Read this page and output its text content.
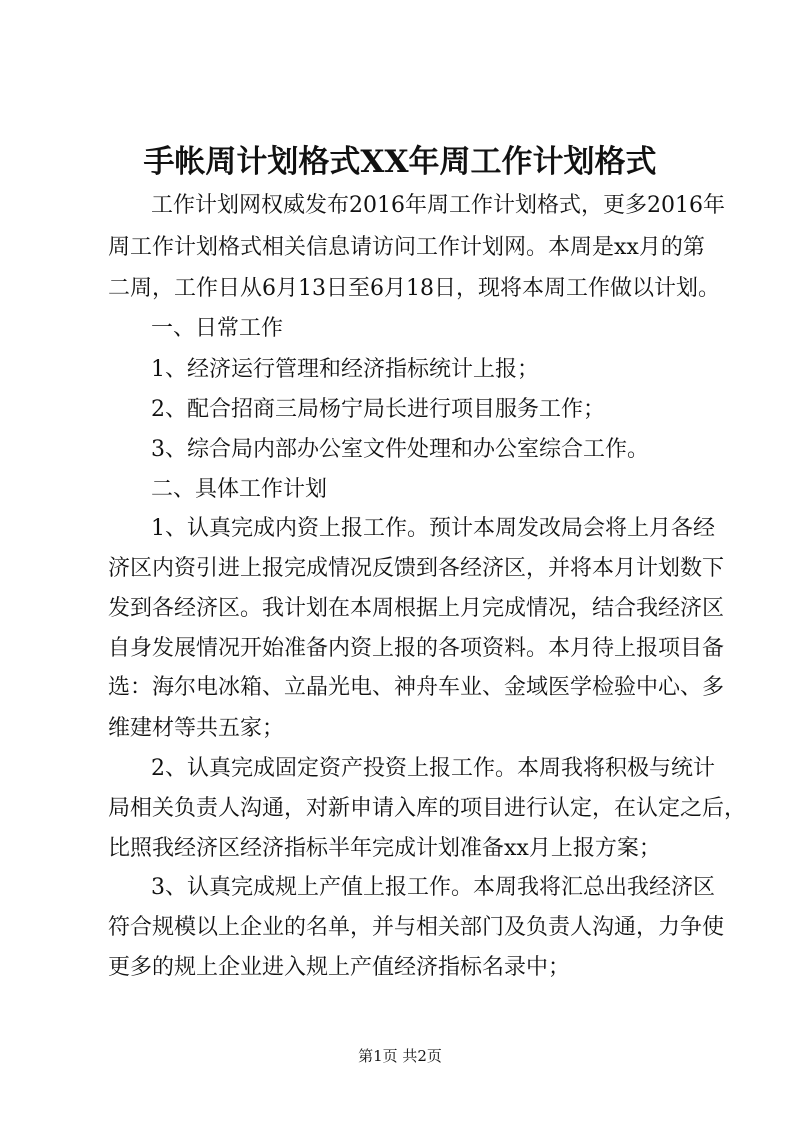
手帐周计划格式XX年周工作计划格式
工作计划网权威发布2016年周工作计划格式，更多2016年
周工作计划格式相关信息请访问工作计划网。本周是xx月的第
二周，工作日从6月13日至6月18日，现将本周工作做以计划。
一、日常工作
1、经济运行管理和经济指标统计上报；
2、配合招商三局杨宁局长进行项目服务工作；
3、综合局内部办公室文件处理和办公室综合工作。
二、具体工作计划
1、认真完成内资上报工作。预计本周发改局会将上月各经
济区内资引进上报完成情况反馈到各经济区，并将本月计划数下
发到各经济区。我计划在本周根据上月完成情况，结合我经济区
自身发展情况开始准备内资上报的各项资料。本月待上报项目备
选：海尔电冰箱、立晶光电、神舟车业、金域医学检验中心、多
维建材等共五家；
2、认真完成固定资产投资上报工作。本周我将积极与统计
局相关负责人沟通，对新申请入库的项目进行认定，在认定之后，
比照我经济区经济指标半年完成计划准备xx月上报方案；
3、认真完成规上产值上报工作。本周我将汇总出我经济区
符合规模以上企业的名单，并与相关部门及负责人沟通，力争使
更多的规上企业进入规上产值经济指标名录中；
第1页 共2页
